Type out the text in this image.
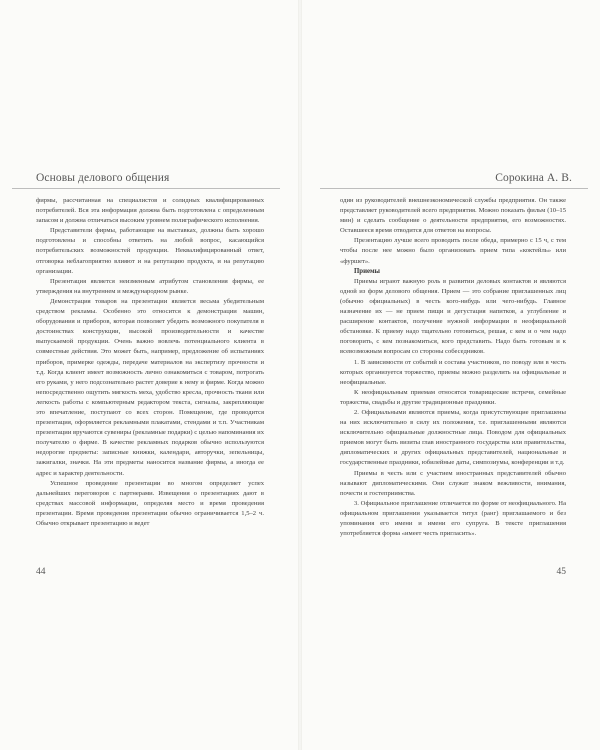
Основы делового общения

фирмы, рассчитанная на специалистов и солидных квалифицированных потребителей. Вся эта информация должна быть подготовлена с определенным запасом и должна отличаться высоким уровнем полиграфического исполнения.

Представители фирмы, работающие на выставках, должны быть хорошо подготовлены и способны ответить на любой вопрос, касающийся потребительских возможностей продукции. Неквалифицированный ответ, отговорка неблагоприятно влияют и на репутацию продукта, и на репутацию организации.

Презентация является неизменным атрибутом становления фирмы, ее утверждения на внутреннем и международном рынке.

Демонстрация товаров на презентации является весьма убедительным средством рекламы. Особенно это относится к демонстрации машин, оборудования и приборов, которая позволяет убедить возможного покупателя в достоинствах конструкции, высокой производительности и качестве выпускаемой продукции. Очень важно вовлечь потенциального клиента в совместные действия. Это может быть, например, предложение об испытаниях приборов, примерке одежды, передаче материалов на экспертизу прочности и т.д. Когда клиент имеет возможность лично ознакомиться с товаром, потрогать его руками, у него подсознательно растет доверие к нему и фирме. Когда можно непосредственно ощутить мягкость меха, удобство кресла, прочность ткани или легкость работы с компьютерным редактором текста, сигналы, закрепляющие это впечатление, поступают со всех сторон. Помещение, где проводится презентация, оформляется рекламными плакатами, стендами и т.п. Участникам презентации вручаются сувениры (рекламные подарки) с целью напоминания их получателю о фирме. В качестве рекламных подарков обычно используются недорогие предметы: записные книжки, календари, авторучки, зепельницы, зажигалки, значки. На эти предметы наносится название фирмы, а иногда ее адрес и характер деятельности.

Успешное проведение презентации во многом определяет успех дальнейших переговоров с партнерами. Извещения о презентациях дают в средствах массовой информации, определяя место и время проведения презентации. Время проведения презентации обычно ограничивается 1,5–2 ч. Обычно открывает презентацию и ведет

44
Сорокина А. В.

один из руководителей внешнеэкономической службы предприятия. Он также представляет руководителей всего предприятия. Можно показать фильм (10–15 мин) и сделать сообщение о деятельности предприятия, его возможностях. Оставшееся время отводится для ответов на вопросы.

Презентацию лучше всего проводить после обеда, примерно с 15 ч, с тем чтобы после нее можно было организовать прием типа «коктейль» или «фуршет».

Приемы

Приемы играют важную роль в развитии деловых контактов и являются одной из форм делового общения. Прием — это собрание приглашенных лиц (обычно официальных) в честь кого-нибудь или чего-нибудь. Главное назначение их — не прием пищи и дегустация напитков, а углубление и расширение контактов, получение нужной информации в неофициальной обстановке. К приему надо тщательно готовиться, решая, с кем и о чем надо поговорить, с кем познакомиться, кого представить. Надо быть готовым и к всевозможным вопросам со стороны собеседников.

1. В зависимости от событий и состава участников, по поводу или в честь которых организуется торжество, приемы можно разделить на официальные и неофициальные.

К неофициальным приемам относятся товарищеские встречи, семейные торжества, свадьбы и другие традиционные праздники.

2. Официальными являются приемы, когда присутствующие приглашены на них исключительно в силу их положения, т.е. приглашенными являются исключительно официальные должностные лица. Поводом для официальных приемов могут быть визиты глав иностранного государства или правительства, дипломатических и других официальных представителей, национальные и государственные праздники, юбилейные даты, симпозиумы, конференции и т.д.

Приемы в честь или с участием иностранных представителей обычно называют дипломатическими. Они служат знаком вежливости, внимания, почести и гостеприимства.

3. Официальное приглашение отличается по форме от неофициального. На официальном приглашении указывается титул (ранг) приглашаемого и без упоминания его имени и имени его супруга. В тексте приглашения употребляется форма «имеет честь пригласить».

45
